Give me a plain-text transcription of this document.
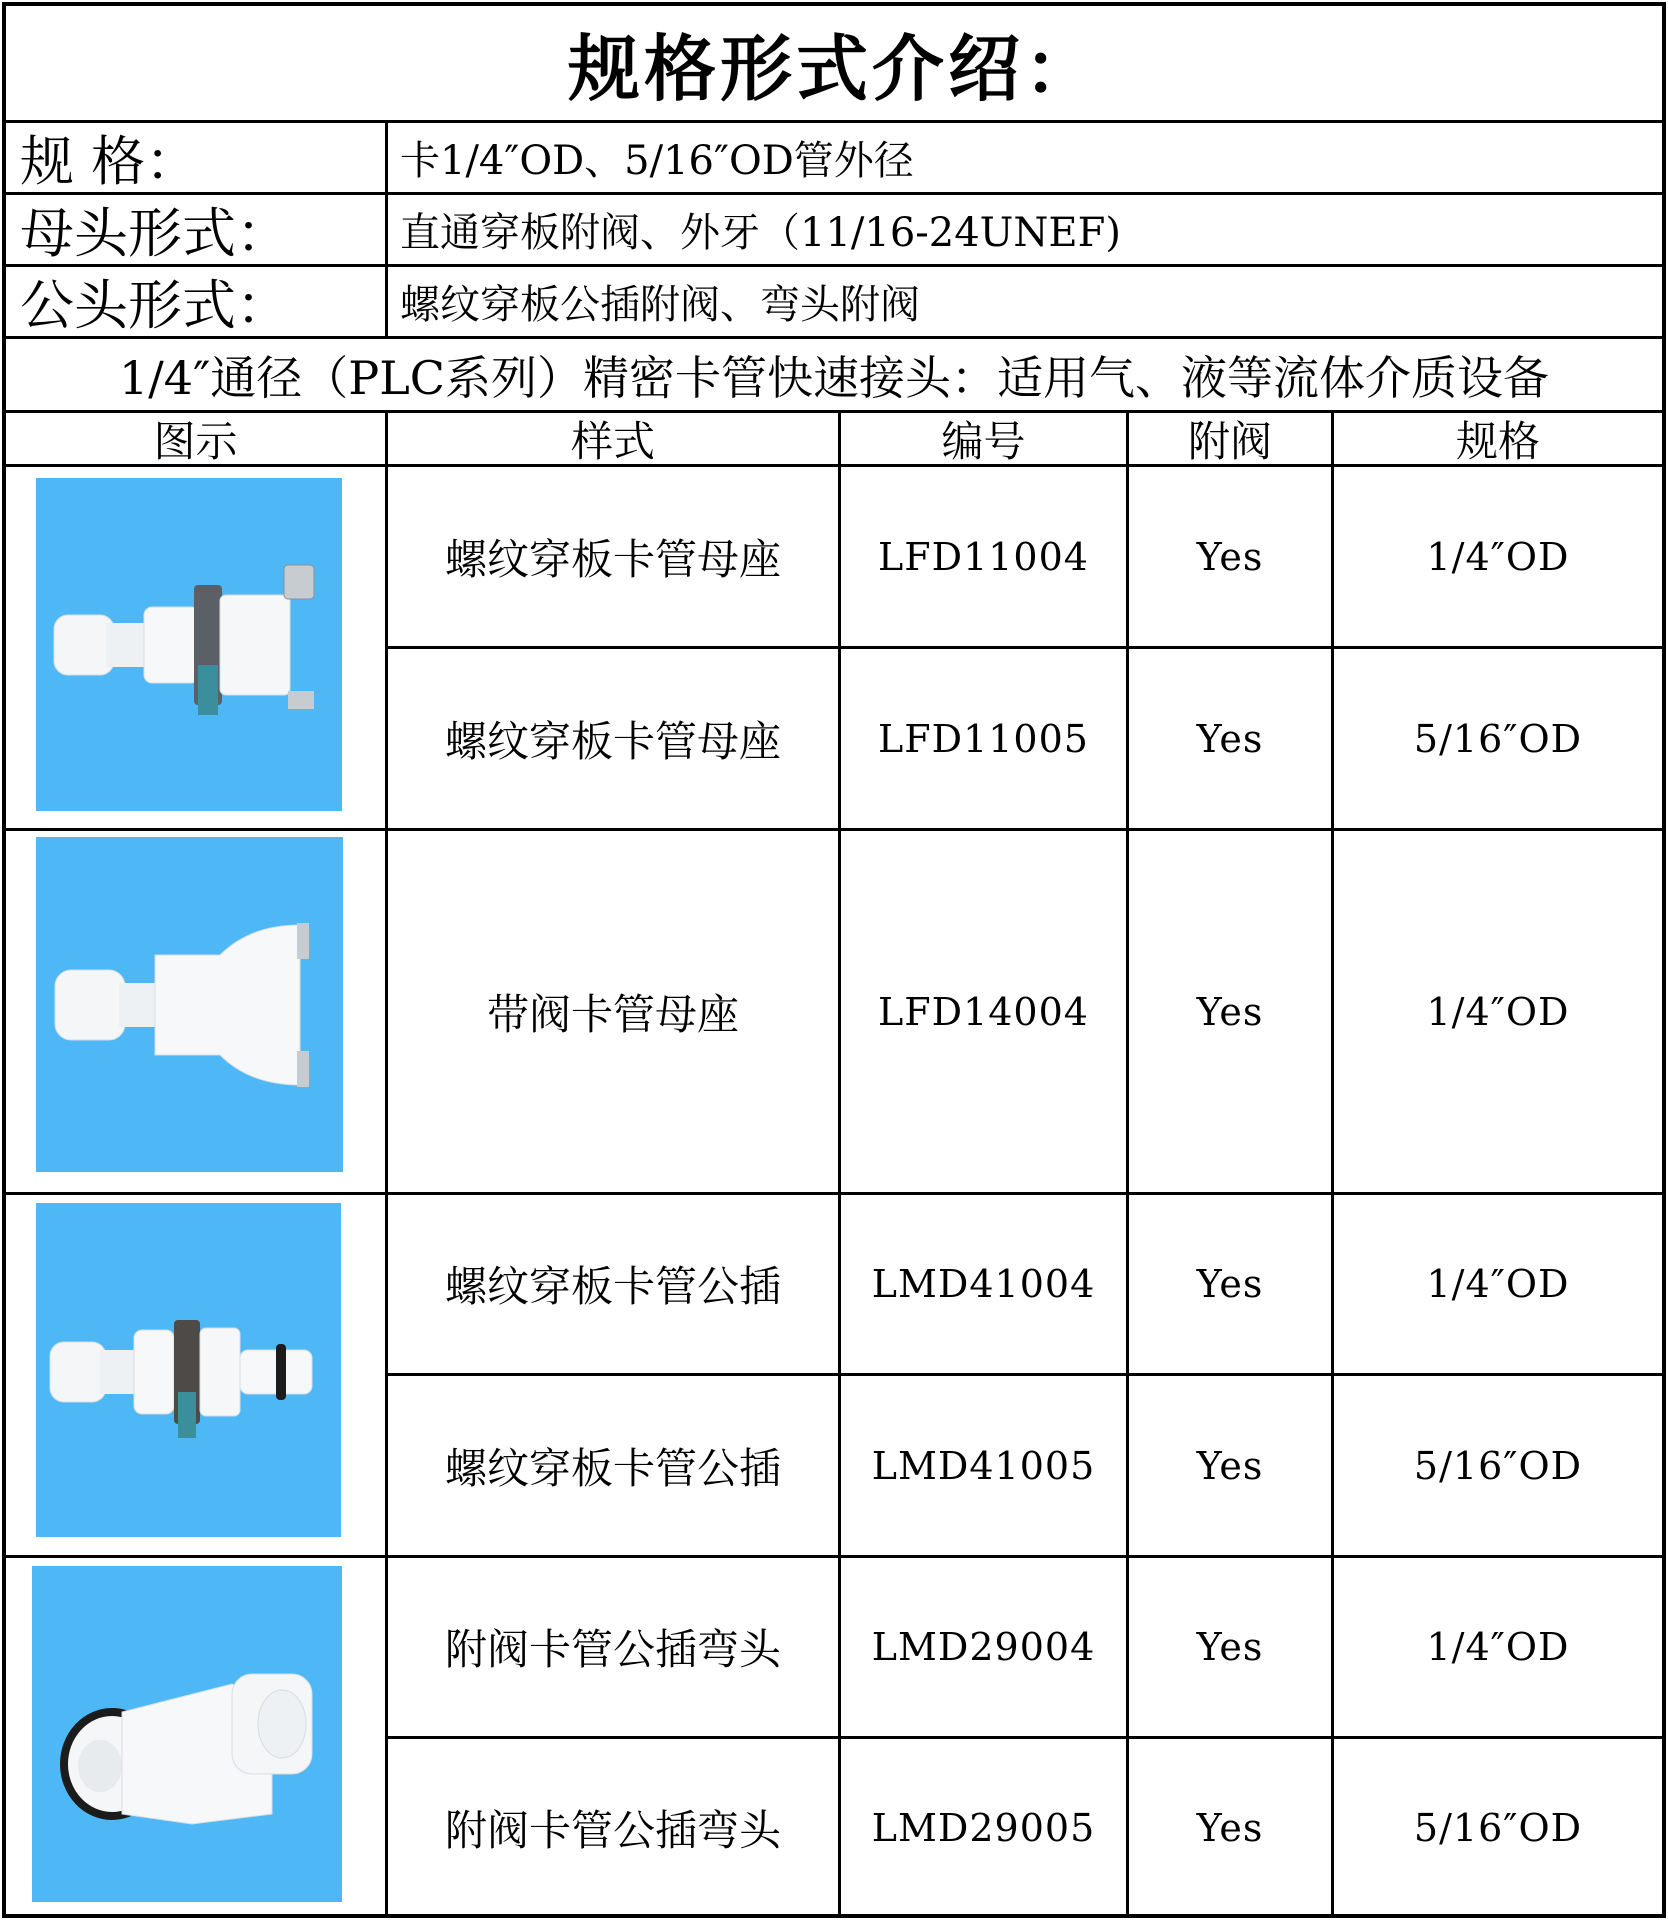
规格形式介绍：
规 格：	卡1/4″OD、5/16″OD管外径
母头形式：	直通穿板附阀、外牙（11/16-24UNEF)
公头形式：	螺纹穿板公插附阀、弯头附阀
1/4″通径（PLC系列）精密卡管快速接头：适用气、液等流体介质设备
图示	样式	编号	附阀	规格
螺纹穿板卡管母座	LFD11004	Yes	1/4″OD
螺纹穿板卡管母座	LFD11005	Yes	5/16″OD
带阀卡管母座	LFD14004	Yes	1/4″OD
螺纹穿板卡管公插	LMD41004	Yes	1/4″OD
螺纹穿板卡管公插	LMD41005	Yes	5/16″OD
附阀卡管公插弯头	LMD29004	Yes	1/4″OD
附阀卡管公插弯头	LMD29005	Yes	5/16″OD
